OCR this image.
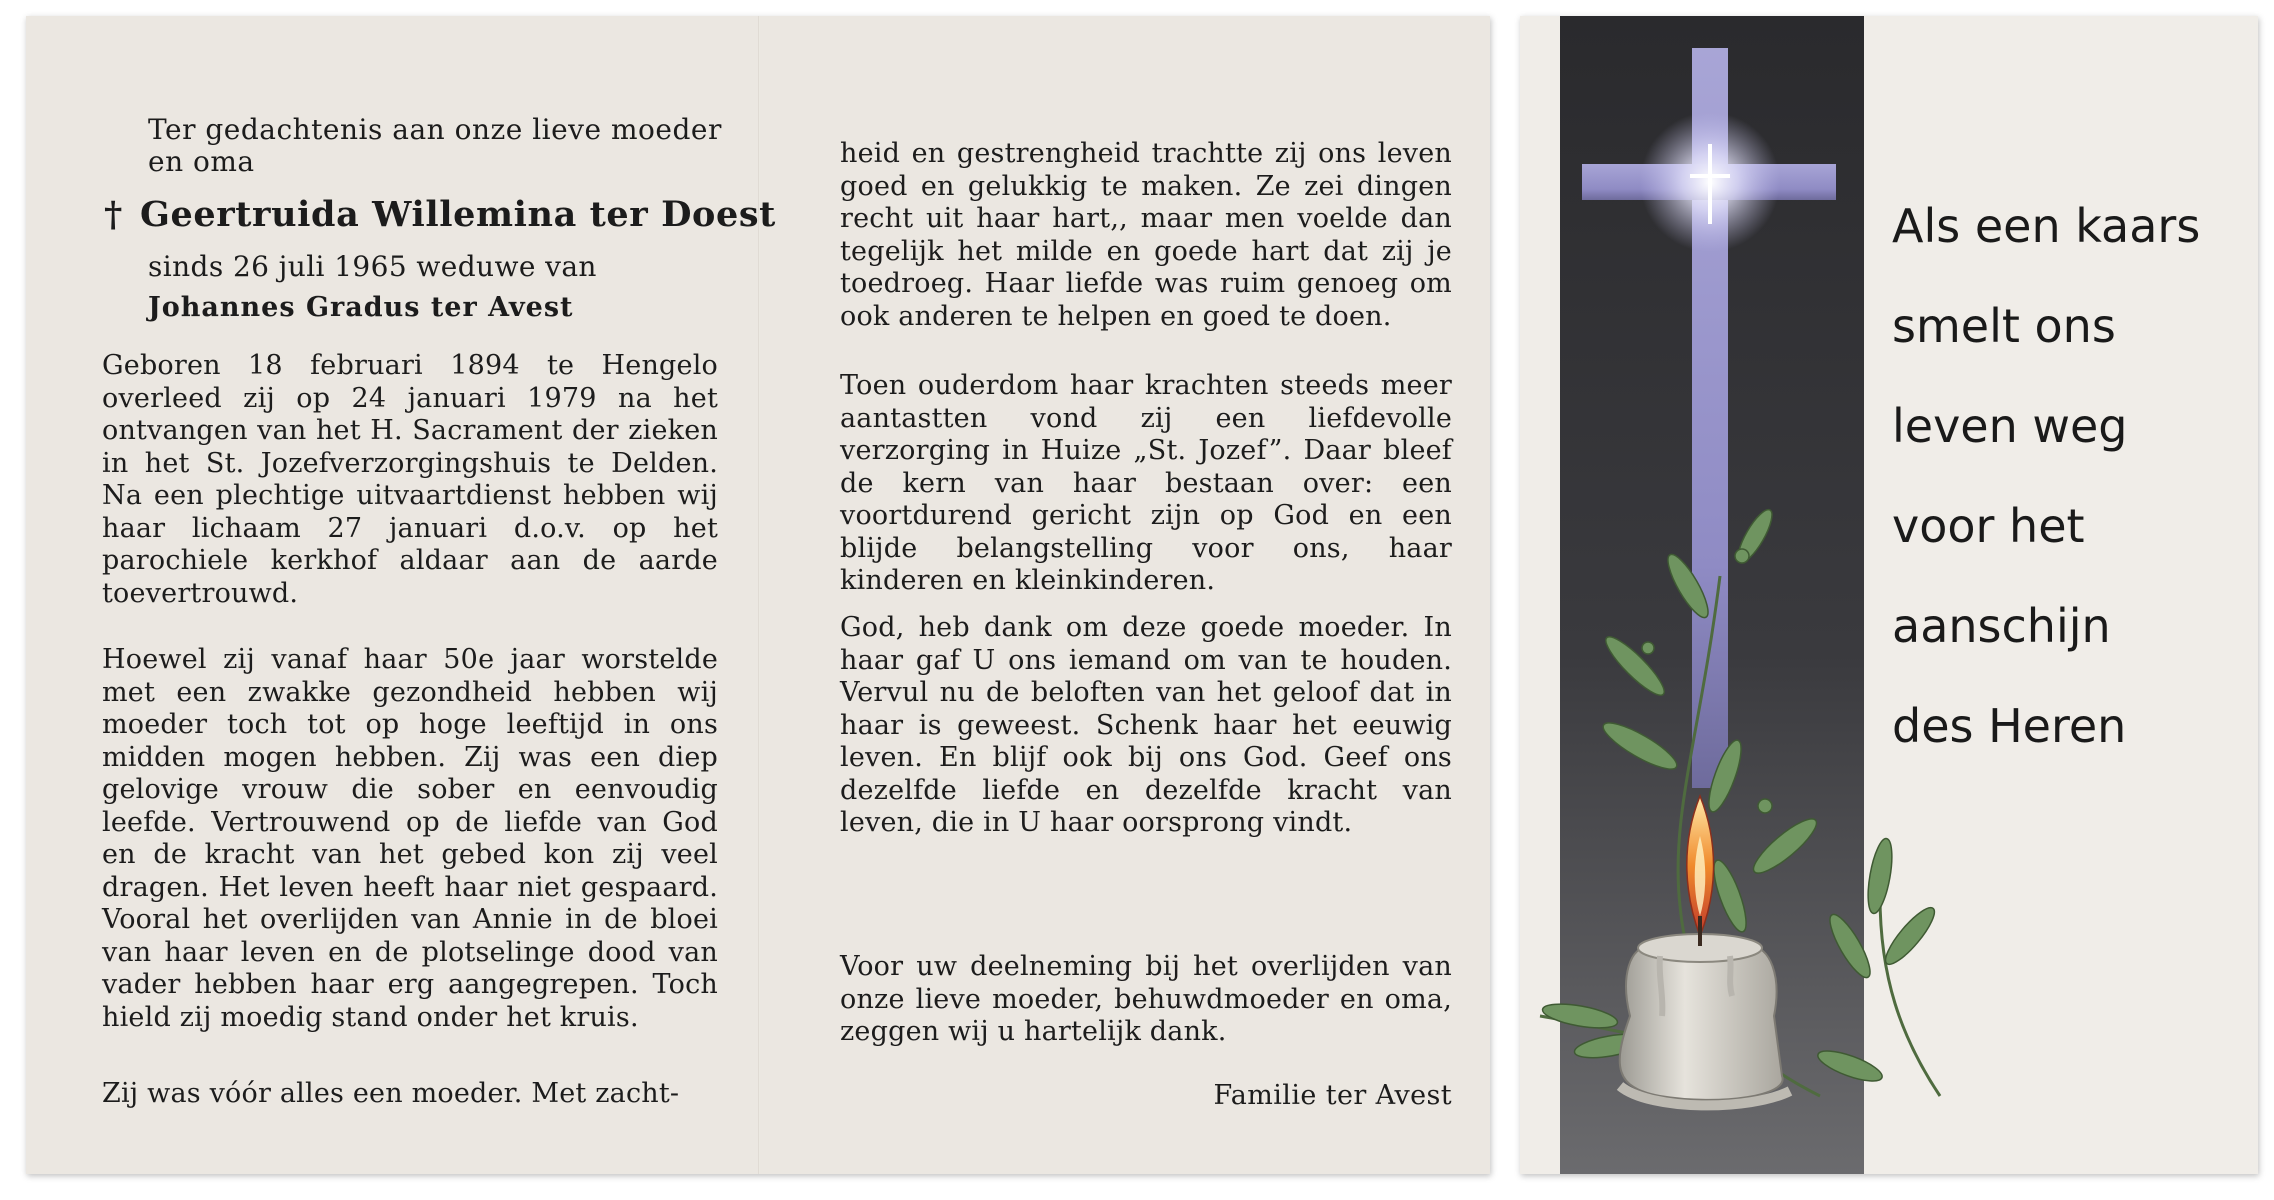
Ter gedachtenis aan onze lieve moeder
en oma
† Geertruida Willemina ter Doest
sinds 26 juli 1965 weduwe van
Johannes Gradus ter Avest

Geboren 18 februari 1894 te Hengelo overleed zij op 24 januari 1979 na het ontvangen van het H. Sacrament der zieken in het St. Jozefverzorgingshuis te Delden. Na een plechtige uitvaartdienst hebben wij haar lichaam 27 januari d.o.v. op het parochiele kerkhof aldaar aan de aarde toevertrouwd.

Hoewel zij vanaf haar 50e jaar worstelde met een zwakke gezondheid hebben wij moeder toch tot op hoge leeftijd in ons midden mogen hebben. Zij was een diep gelovige vrouw die sober en eenvoudig leefde. Vertrouwend op de liefde van God en de kracht van het gebed kon zij veel dragen. Het leven heeft haar niet gespaard. Vooral het overlijden van Annie in de bloei van haar leven en de plotselinge dood van vader hebben haar erg aangegrepen. Toch hield zij moedig stand onder het kruis.

Zij was vóór alles een moeder. Met zacht-

heid en gestrengheid trachtte zij ons leven goed en gelukkig te maken. Ze zei dingen recht uit haar hart,, maar men voelde dan tegelijk het milde en goede hart dat zij je toedroeg. Haar liefde was ruim genoeg om ook anderen te helpen en goed te doen.

Toen ouderdom haar krachten steeds meer aantastten vond zij een liefdevolle verzorging in Huize „St. Jozef”. Daar bleef de kern van haar bestaan over: een voortdurend gericht zijn op God en een blijde belangstelling voor ons, haar kinderen en kleinkinderen.

God, heb dank om deze goede moeder. In haar gaf U ons iemand om van te houden. Vervul nu de beloften van het geloof dat in haar is geweest. Schenk haar het eeuwig leven. En blijf ook bij ons God. Geef ons dezelfde liefde en dezelfde kracht van leven, die in U haar oorsprong vindt.

Voor uw deelneming bij het overlijden van onze lieve moeder, behuwdmoeder en oma, zeggen wij u hartelijk dank.

Familie ter Avest
Als een kaars
smelt ons
leven weg
voor het
aanschijn
des Heren
